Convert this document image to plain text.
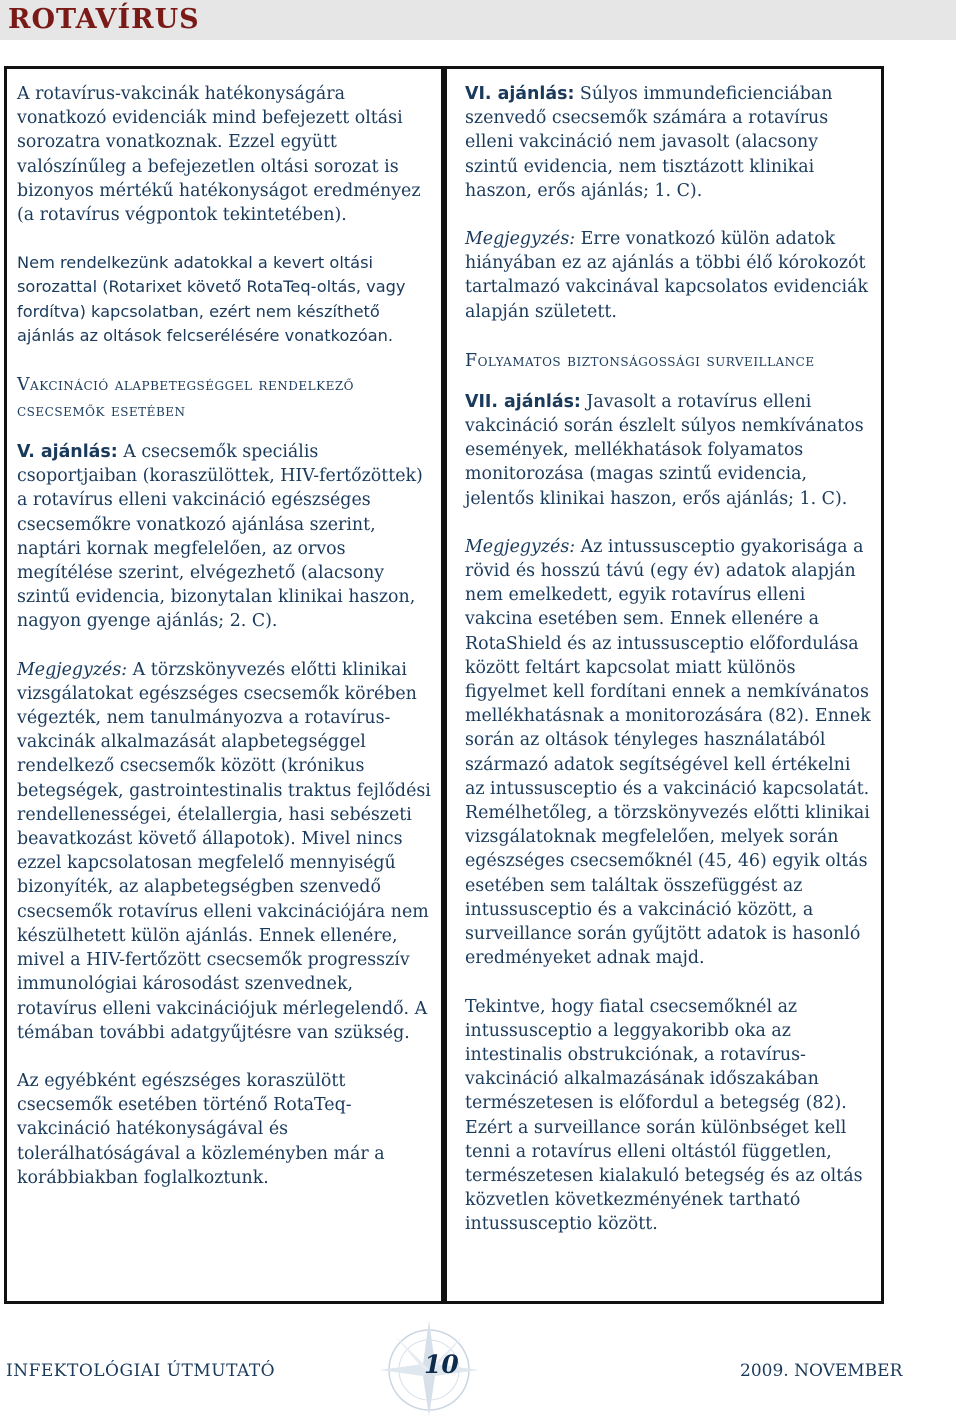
ROTAVÍRUS

A rotavírus-vakcinák hatékonyságára vonatkozó evidenciák mind befejezett oltási sorozatra vonatkoznak. Ezzel együtt valószínűleg a befejezetlen oltási sorozat is bizonyos mértékű hatékonyságot eredményez (a rotavírus végpontok tekintetében).

Nem rendelkezünk adatokkal a kevert oltási sorozattal (Rotarixet követő RotaTeq-oltás, vagy fordítva) kapcsolatban, ezért nem készíthető ajánlás az oltások felcserélésére vonatkozóan.

Vakcináció alapbetegséggel rendelkező csecsemők esetében

V. ajánlás: A csecsemők speciális csoportjaiban (koraszülöttek, HIV-fertőzöttek) a rotavírus elleni vakcináció egészséges csecsemőkre vonatkozó ajánlása szerint, naptári kornak megfelelően, az orvos megítélése szerint, elvégezhető (alacsony szintű evidencia, bizonytalan klinikai haszon, nagyon gyenge ajánlás; 2. C).

Megjegyzés: A törzskönyvezés előtti klinikai vizsgálatokat egészséges csecsemők körében végezték, nem tanulmányozva a rotavírus-vakcinák alkalmazását alapbetegséggel rendelkező csecsemők között (krónikus betegségek, gastrointestinalis traktus fejlődési rendellenességei, ételallergia, hasi sebészeti beavatkozást követő állapotok). Mivel nincs ezzel kapcsolatosan megfelelő mennyiségű bizonyíték, az alapbetegségben szenvedő csecsemők rotavírus elleni vakcinációjára nem készülhetett külön ajánlás. Ennek ellenére, mivel a HIV-fertőzött csecsemők progresszív immunológiai károsodást szenvednek, rotavírus elleni vakcinációjuk mérlegelendő. A témában további adatgyűjtésre van szükség.

Az egyébként egészséges koraszülött csecsemők esetében történő RotaTeq-vakcináció hatékonyságával és tolerálhatóságával a közleményben már a korábbiakban foglalkoztunk.

VI. ajánlás: Súlyos immundeficienciában szenvedő csecsemők számára a rotavírus elleni vakcináció nem javasolt (alacsony szintű evidencia, nem tisztázott klinikai haszon, erős ajánlás; 1. C).

Megjegyzés: Erre vonatkozó külön adatok hiányában ez az ajánlás a többi élő kórokozót tartalmazó vakcinával kapcsolatos evidenciák alapján született.

Folyamatos biztonságossági surveillance

VII. ajánlás: Javasolt a rotavírus elleni vakcináció során észlelt súlyos nemkívánatos események, mellékhatások folyamatos monitorozása (magas szintű evidencia, jelentős klinikai haszon, erős ajánlás; 1. C).

Megjegyzés: Az intussusceptio gyakorisága a rövid és hosszú távú (egy év) adatok alapján nem emelkedett, egyik rotavírus elleni vakcina esetében sem. Ennek ellenére a RotaShield és az intussusceptio előfordulása között feltárt kapcsolat miatt különös figyelmet kell fordítani ennek a nemkívánatos mellékhatásnak a monitorozására (82). Ennek során az oltások tényleges használatából származó adatok segítségével kell értékelni az intussusceptio és a vakcináció kapcsolatát. Remélhetőleg, a törzskönyvezés előtti klinikai vizsgálatoknak megfelelően, melyek során egészséges csecsemőknél (45, 46) egyik oltás esetében sem találtak összefüggést az intussusceptio és a vakcináció között, a surveillance során gyűjtött adatok is hasonló eredményeket adnak majd.

Tekintve, hogy fiatal csecsemőknél az intussusceptio a leggyakoribb oka az intestinalis obstrukciónak, a rotavírus-vakcináció alkalmazásának időszakában természetesen is előfordul a betegség (82). Ezért a surveillance során különbséget kell tenni a rotavírus elleni oltástól független, természetesen kialakuló betegség és az oltás közvetlen következményének tartható intussusceptio között.

INFEKTOLÓGIAI ÚTMUTATÓ	10	2009. NOVEMBER
